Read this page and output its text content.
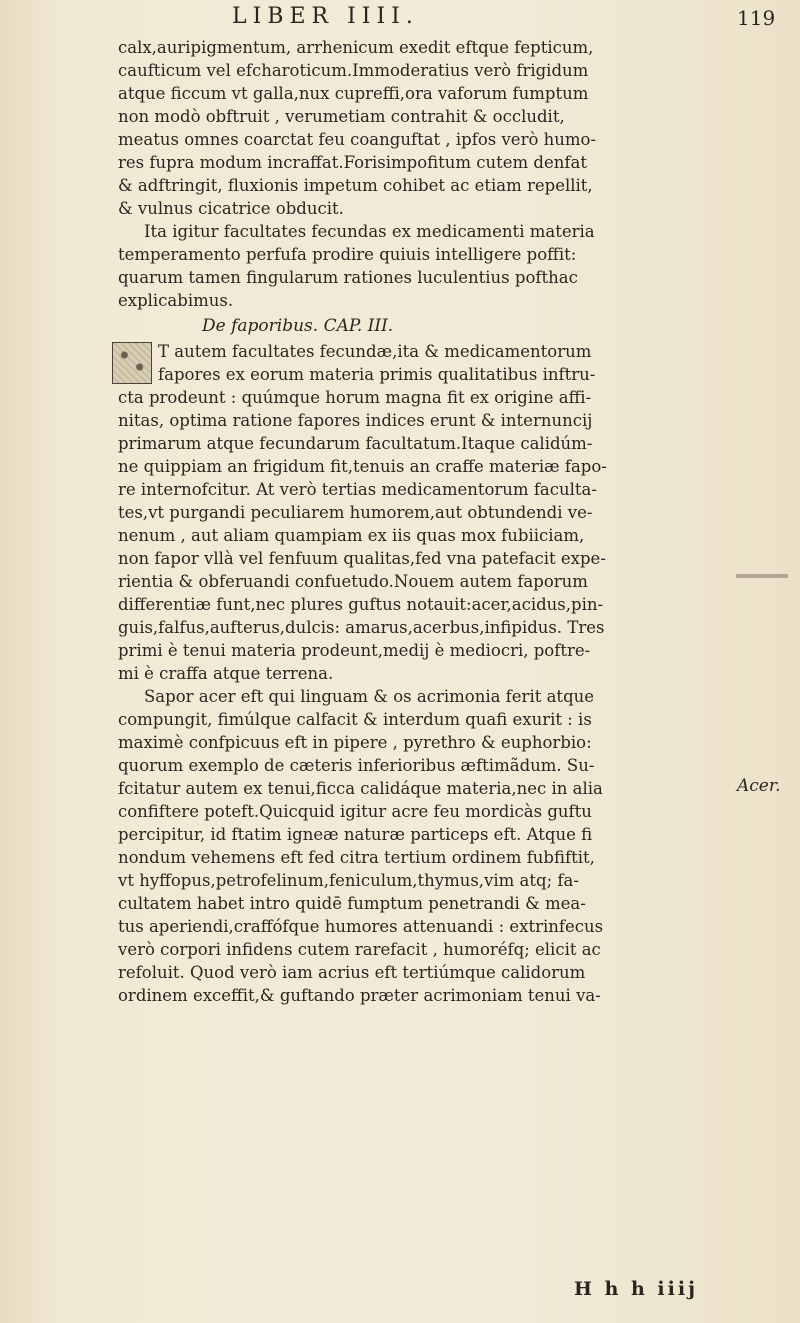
LIBER IIII.	119
calx,auripigmentum, arrhenicum exedit eftque fepticum,
caufticum vel efcharoticum.Immoderatius verò frigidum
atque ficcum vt galla,nux cupreffi,ora vaforum fumptum
non modò obftruit , verumetiam contrahit & occludit,
meatus omnes coarctat feu coanguftat , ipfos verò humo-
res fupra modum incraffat.Forisimpofitum cutem denfat
& adftringit, fluxionis impetum cohibet ac etiam repellit,
& vulnus cicatrice obducit.
Ita igitur facultates fecundas ex medicamenti materia
temperamento perfufa prodire quiuis intelligere poffit:
quarum tamen fingularum rationes luculentius pofthac
explicabimus.
De faporibus. CAP. III.
T autem facultates fecundæ,ita & medicamentorum
fapores ex eorum materia primis qualitatibus inftru-
cta prodeunt : quúmque horum magna fit ex origine affi-
nitas, optima ratione fapores indices erunt & internuncij
primarum atque fecundarum facultatum.Itaque calidúm-
ne quippiam an frigidum fit,tenuis an craffe materiæ fapo-
re internofcitur. At verò tertias medicamentorum faculta-
tes,vt purgandi peculiarem humorem,aut obtundendi ve-
nenum , aut aliam quampiam ex iis quas mox fubiiciam,
non fapor vllà vel fenfuum qualitas,fed vna patefacit expe-
rientia & obferuandi confuetudo.Nouem autem faporum
differentiæ funt,nec plures guftus notauit:acer,acidus,pin-
guis,falfus,aufterus,dulcis: amarus,acerbus,infipidus. Tres
primi è tenui materia prodeunt,medij è mediocri, poftre-
mi è craffa atque terrena.
Sapor acer eft qui linguam & os acrimonia ferit atque
compungit, fimúlque calfacit & interdum quafi exurit : is
maximè confpicuus eft in pipere , pyrethro & euphorbio:
quorum exemplo de cæteris inferioribus æftimãdum. Su-
fcitatur autem ex tenui,ficca calidáque materia,nec in alia
confiftere poteft.Quicquid igitur acre feu mordicàs guftu
percipitur, id ftatim igneæ naturæ particeps eft. Atque fi
nondum vehemens eft fed citra tertium ordinem fubfiftit,
vt hyffopus,petrofelinum,feniculum,thymus,vim atq; fa-
cultatem habet intro quidē fumptum penetrandi & mea-
tus aperiendi,craffófque humores attenuandi : extrinfecus
verò corpori infidens cutem rarefacit , humoréfq; elicit ac
refoluit. Quod verò iam acrius eft tertiúmque calidorum
ordinem exceffit,& guftando præter acrimoniam tenui va-
Acer.
H h h iiij
